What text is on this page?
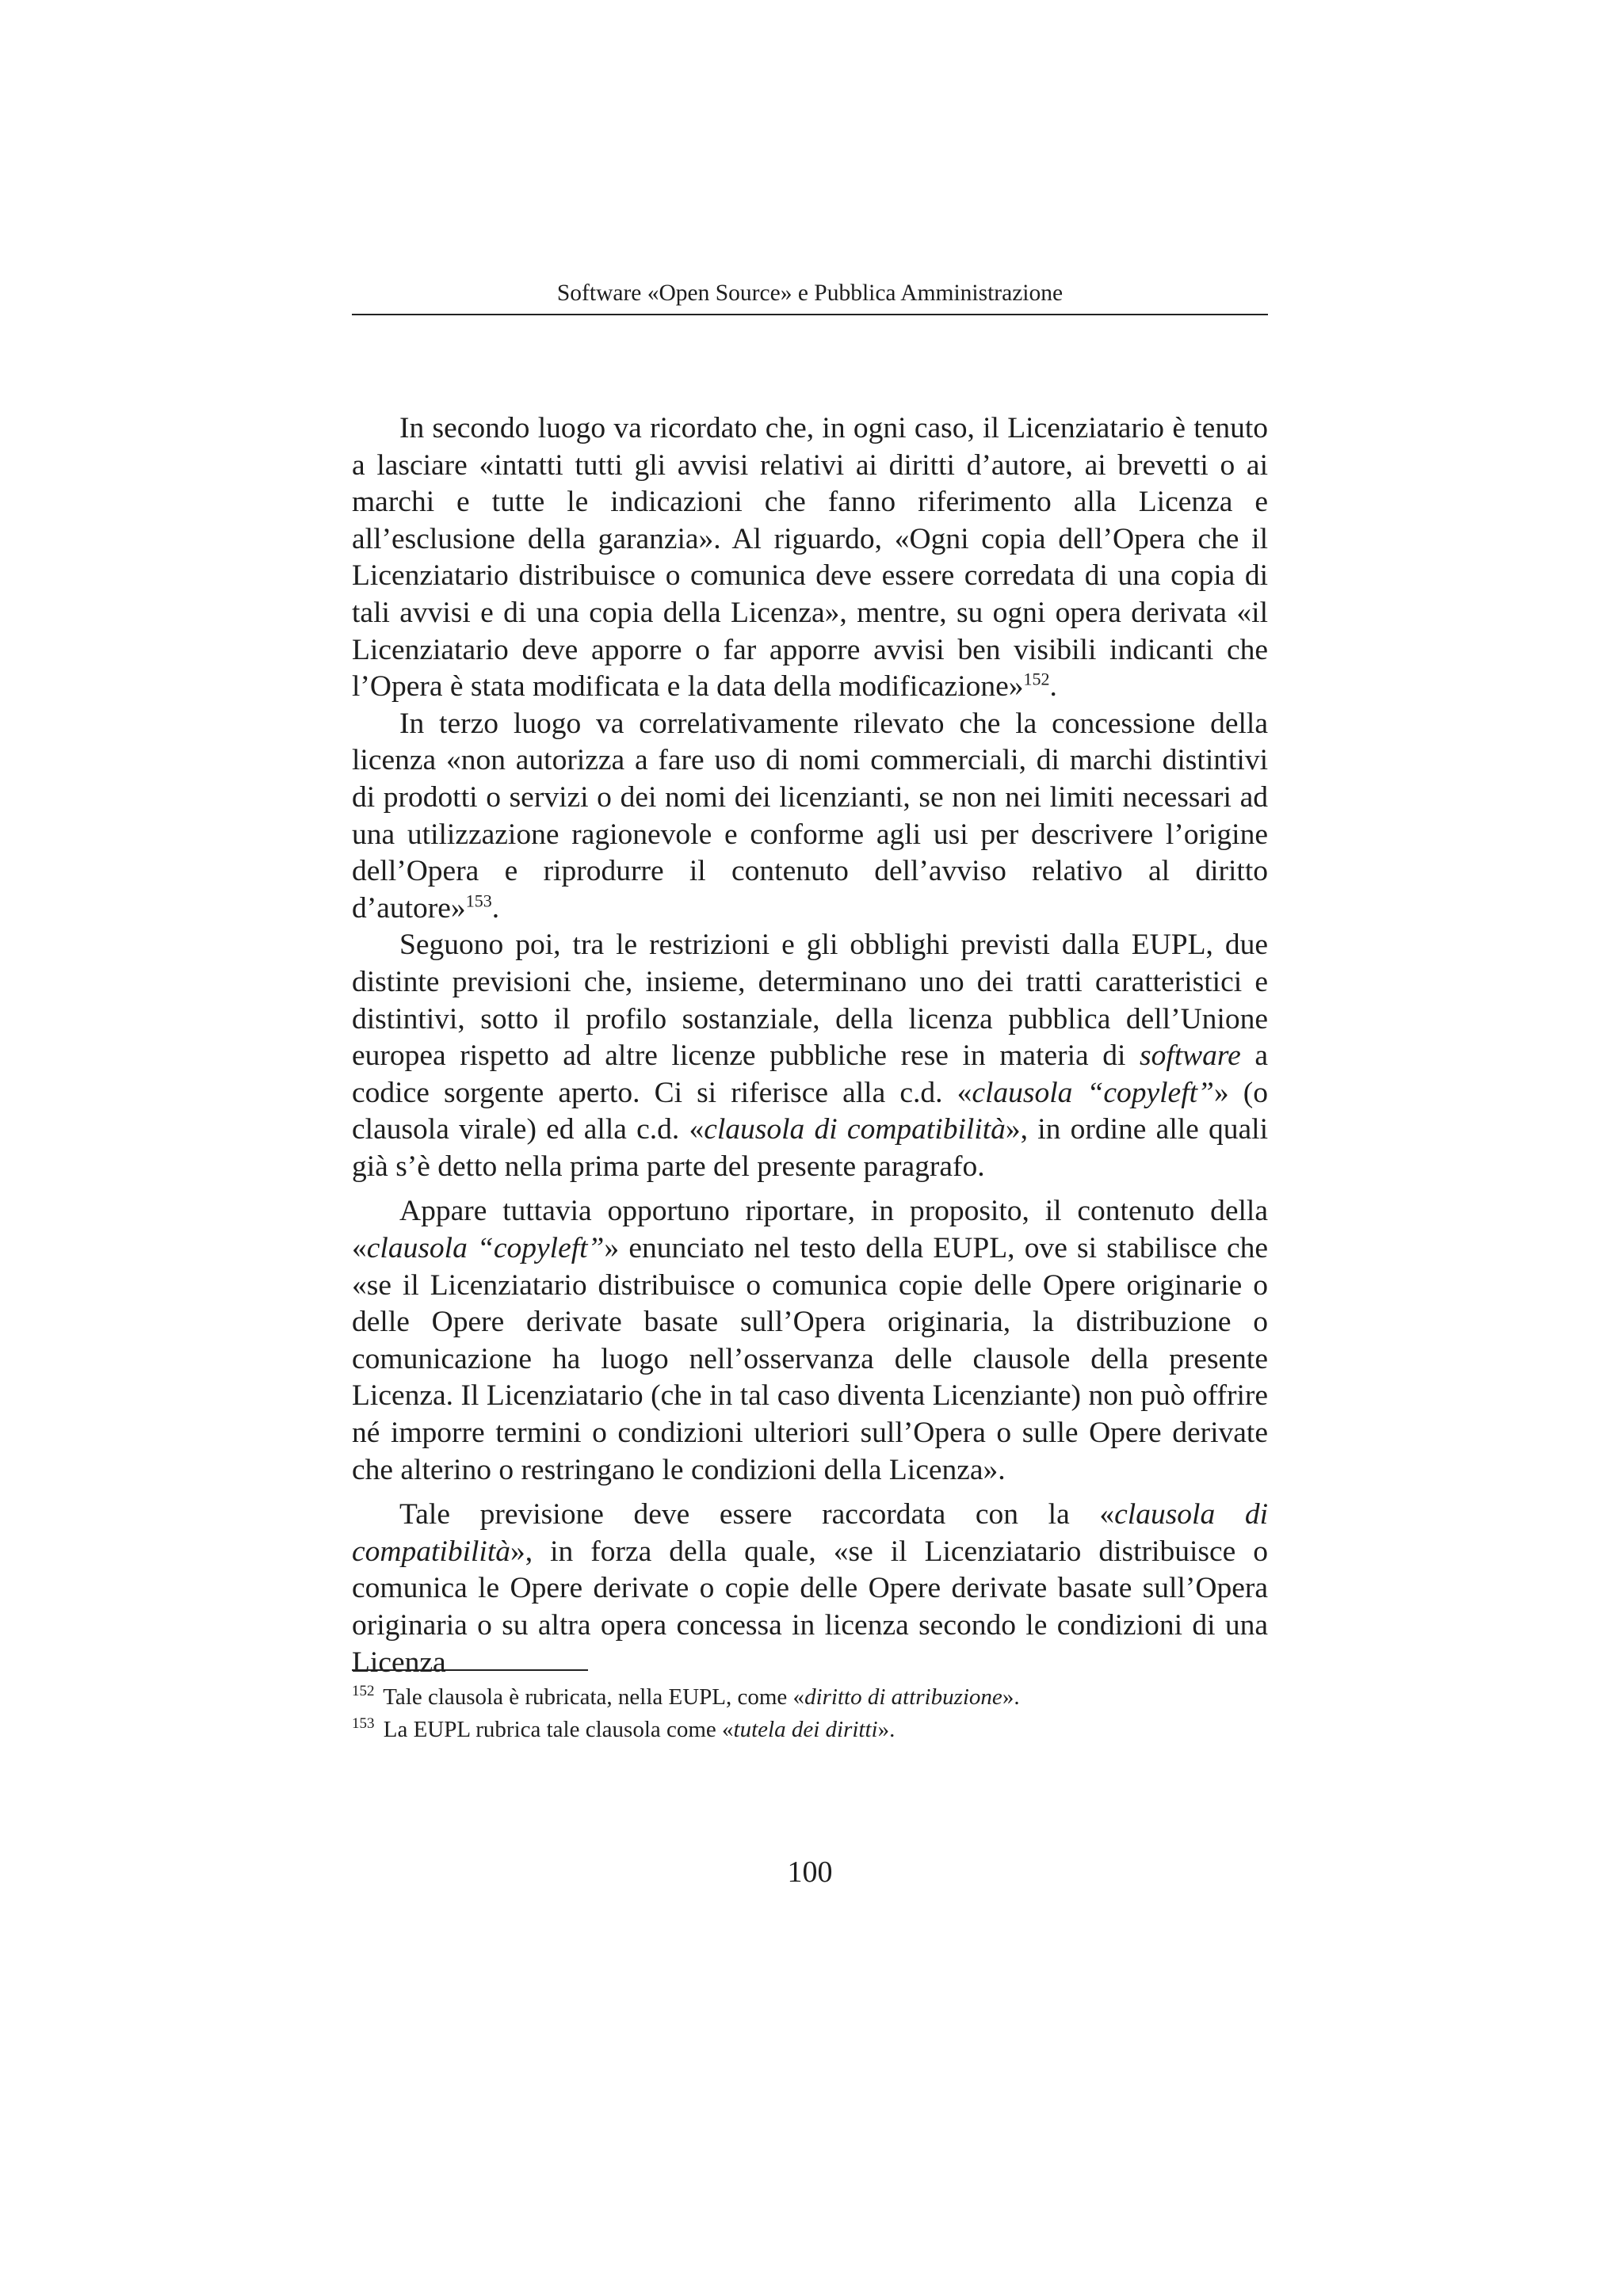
Software «Open Source» e Pubblica Amministrazione

In secondo luogo va ricordato che, in ogni caso, il Licenziatario è tenuto a lasciare «intatti tutti gli avvisi relativi ai diritti d’autore, ai brevetti o ai marchi e tutte le indicazioni che fanno riferimento alla Licenza e all’esclusione della garanzia». Al riguardo, «Ogni copia dell’Opera che il Licenziatario distribuisce o comunica deve essere corredata di una copia di tali avvisi e di una copia della Licenza», mentre, su ogni opera derivata «il Licenziatario deve apporre o far apporre avvisi ben visibili indicanti che l’Opera è stata modificata e la data della modificazione»$^{152}$.

In terzo luogo va correlativamente rilevato che la concessione della licenza «non autorizza a fare uso di nomi commerciali, di marchi distintivi di prodotti o servizi o dei nomi dei licenzianti, se non nei limiti necessari ad una utilizzazione ragionevole e conforme agli usi per descrivere l’origine dell’Opera e riprodurre il contenuto dell’avviso relativo al diritto d’autore»$^{153}$.

Seguono poi, tra le restrizioni e gli obblighi previsti dalla EUPL, due distinte previsioni che, insieme, determinano uno dei tratti caratteristici e distintivi, sotto il profilo sostanziale, della licenza pubblica dell’Unione europea rispetto ad altre licenze pubbliche rese in materia di software a codice sorgente aperto. Ci si riferisce alla c.d. «clausola “copyleft”» (o clausola virale) ed alla c.d. «clausola di compatibilità», in ordine alle quali già s’è detto nella prima parte del presente paragrafo.

Appare tuttavia opportuno riportare, in proposito, il contenuto della «clausola “copyleft”» enunciato nel testo della EUPL, ove si stabilisce che «se il Licenziatario distribuisce o comunica copie delle Opere originarie o delle Opere derivate basate sull’Opera originaria, la distribuzione o comunicazione ha luogo nell’osservanza delle clausole della presente Licenza. Il Licenziatario (che in tal caso diventa Licenziante) non può offrire né imporre termini o condizioni ulteriori sull’Opera o sulle Opere derivate che alterino o restringano le condizioni della Licenza».

Tale previsione deve essere raccordata con la «clausola di compatibilità», in forza della quale, «se il Licenziatario distribuisce o comunica le Opere derivate o copie delle Opere derivate basate sull’Opera originaria o su altra opera concessa in licenza secondo le condizioni di una Licenza

$^{152}$ Tale clausola è rubricata, nella EUPL, come «diritto di attribuzione».

$^{153}$ La EUPL rubrica tale clausola come «tutela dei diritti».

100
